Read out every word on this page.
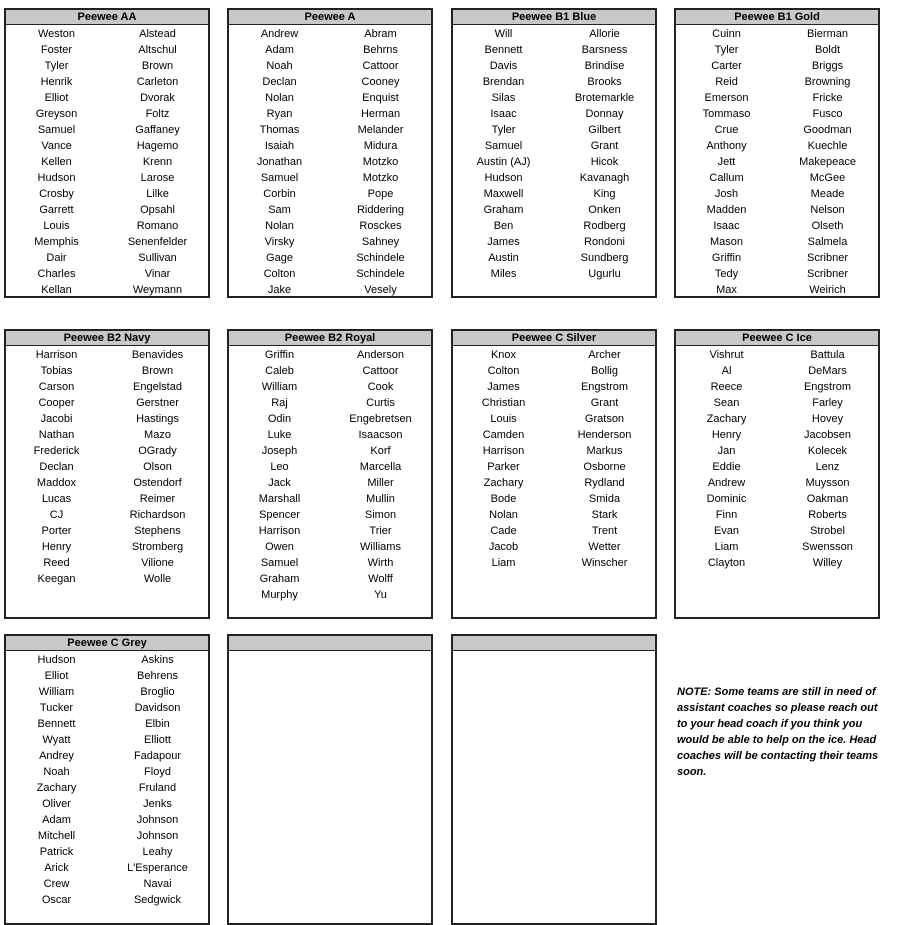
Peewee AA
Weston	Alstead
Foster	Altschul
Tyler	Brown
Henrik	Carleton
Elliot	Dvorak
Greyson	Foltz
Samuel	Gaffaney
Vance	Hagemo
Kellen	Krenn
Hudson	Larose
Crosby	Lilke
Garrett	Opsahl
Louis	Romano
Memphis	Senenfelder
Dair	Sullivan
Charles	Vinar
Kellan	Weymann
Peewee A
Andrew	Abram
Adam	Behrns
Noah	Cattoor
Declan	Cooney
Nolan	Enquist
Ryan	Herman
Thomas	Melander
Isaiah	Midura
Jonathan	Motzko
Samuel	Motzko
Corbin	Pope
Sam	Riddering
Nolan	Rosckes
Virsky	Sahney
Gage	Schindele
Colton	Schindele
Jake	Vesely
Peewee B1 Blue
Will	Allorie
Bennett	Barsness
Davis	Brindise
Brendan	Brooks
Silas	Brotemarkle
Isaac	Donnay
Tyler	Gilbert
Samuel	Grant
Austin (AJ)	Hicok
Hudson	Kavanagh
Maxwell	King
Graham	Onken
Ben	Rodberg
James	Rondoni
Austin	Sundberg
Miles	Ugurlu
Peewee B1 Gold
Cuinn	Bierman
Tyler	Boldt
Carter	Briggs
Reid	Browning
Emerson	Fricke
Tommaso	Fusco
Crue	Goodman
Anthony	Kuechle
Jett	Makepeace
Callum	McGee
Josh	Meade
Madden	Nelson
Isaac	Olseth
Mason	Salmela
Griffin	Scribner
Tedy	Scribner
Max	Weirich
Peewee B2 Navy
Harrison	Benavides
Tobias	Brown
Carson	Engelstad
Cooper	Gerstner
Jacobi	Hastings
Nathan	Mazo
Frederick	OGrady
Declan	Olson
Maddox	Ostendorf
Lucas	Reimer
CJ	Richardson
Porter	Stephens
Henry	Stromberg
Reed	Vilione
Keegan	Wolle
Peewee B2 Royal
Griffin	Anderson
Caleb	Cattoor
William	Cook
Raj	Curtis
Odin	Engebretsen
Luke	Isaacson
Joseph	Korf
Leo	Marcella
Jack	Miller
Marshall	Mullin
Spencer	Simon
Harrison	Trier
Owen	Williams
Samuel	Wirth
Graham	Wolff
Murphy	Yu
Peewee C Silver
Knox	Archer
Colton	Bollig
James	Engstrom
Christian	Grant
Louis	Gratson
Camden	Henderson
Harrison	Markus
Parker	Osborne
Zachary	Rydland
Bode	Smida
Nolan	Stark
Cade	Trent
Jacob	Wetter
Liam	Winscher
Peewee C Ice
Vishrut	Battula
Al	DeMars
Reece	Engstrom
Sean	Farley
Zachary	Hovey
Henry	Jacobsen
Jan	Kolecek
Eddie	Lenz
Andrew	Muysson
Dominic	Oakman
Finn	Roberts
Evan	Strobel
Liam	Swensson
Clayton	Willey
Peewee C Grey
Hudson	Askins
Elliot	Behrens
William	Broglio
Tucker	Davidson
Bennett	Elbin
Wyatt	Elliott
Andrey	Fadapour
Noah	Floyd
Zachary	Fruland
Oliver	Jenks
Adam	Johnson
Mitchell	Johnson
Patrick	Leahy
Arick	L'Esperance
Crew	Navai
Oscar	Sedgwick
NOTE: Some teams are still in need of assistant coaches so please reach out to your head coach if you think you would be able to help on the ice. Head coaches will be contacting their teams soon.
